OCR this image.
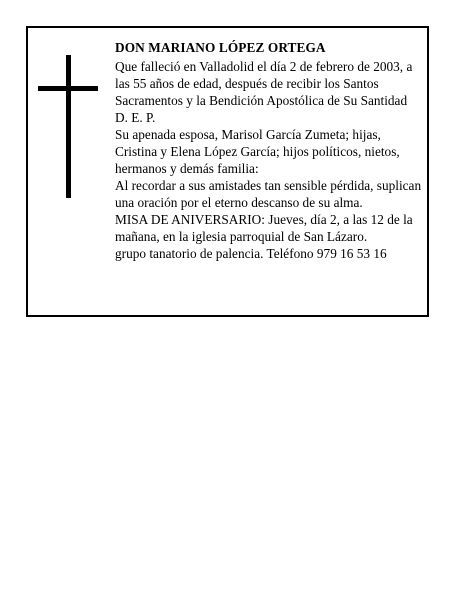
DON MARIANO LÓPEZ ORTEGA

Que falleció en Valladolid el día 2 de febrero de 2003, a las 55 años de edad, después de recibir los Santos Sacramentos y la Bendición Apostólica de Su Santidad

D. E. P.

Su apenada esposa, Marisol García Zumeta; hijas, Cristina y Elena López García; hijos políticos, nietos, hermanos y demás familia:

Al recordar a sus amistades tan sensible pérdida, suplican una oración por el eterno descanso de su alma.

MISA DE ANIVERSARIO: Jueves, día 2, a las 12 de la mañana, en la iglesia parroquial de San Lázaro.

grupo tanatorio de palencia. Teléfono 979 16 53 16
